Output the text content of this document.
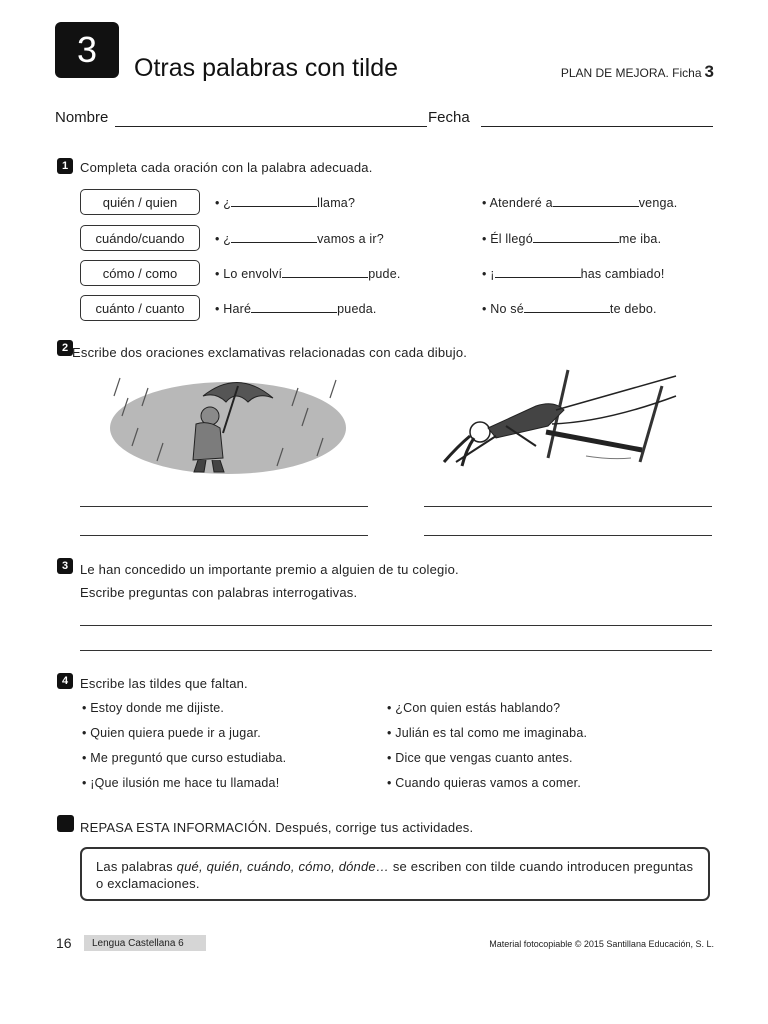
3	Otras palabras con tilde	PLAN DE MEJORA. Ficha 3
Nombre	Fecha
1 Completa cada oración con la palabra adecuada.
quién / quien	• ¿	llama?	• Atenderé a	venga.
cuándo/cuando	• ¿	vamos a ir?	• Él llegó	me iba.
cómo / como	• Lo envolví	pude.	• ¡	has cambiado!
cuánto / cuanto	• Haré	pueda.	• No sé	te debo.
2 Escribe dos oraciones exclamativas relacionadas con cada dibujo.
3 Le han concedido un importante premio a alguien de tu colegio.
Escribe preguntas con palabras interrogativas.
4 Escribe las tildes que faltan.
• Estoy donde me dijiste.
• Quien quiera puede ir a jugar.
• Me preguntó que curso estudiaba.
• ¡Que ilusión me hace tu llamada!
• ¿Con quien estás hablando?
• Julián es tal como me imaginaba.
• Dice que vengas cuanto antes.
• Cuando quieras vamos a comer.
REPASA ESTA INFORMACIÓN. Después, corrige tus actividades.
Las palabras qué, quién, cuándo, cómo, dónde… se escriben con tilde cuando introducen preguntas o exclamaciones.
16	Lengua Castellana 6	Material fotocopiable © 2015 Santillana Educación, S. L.
